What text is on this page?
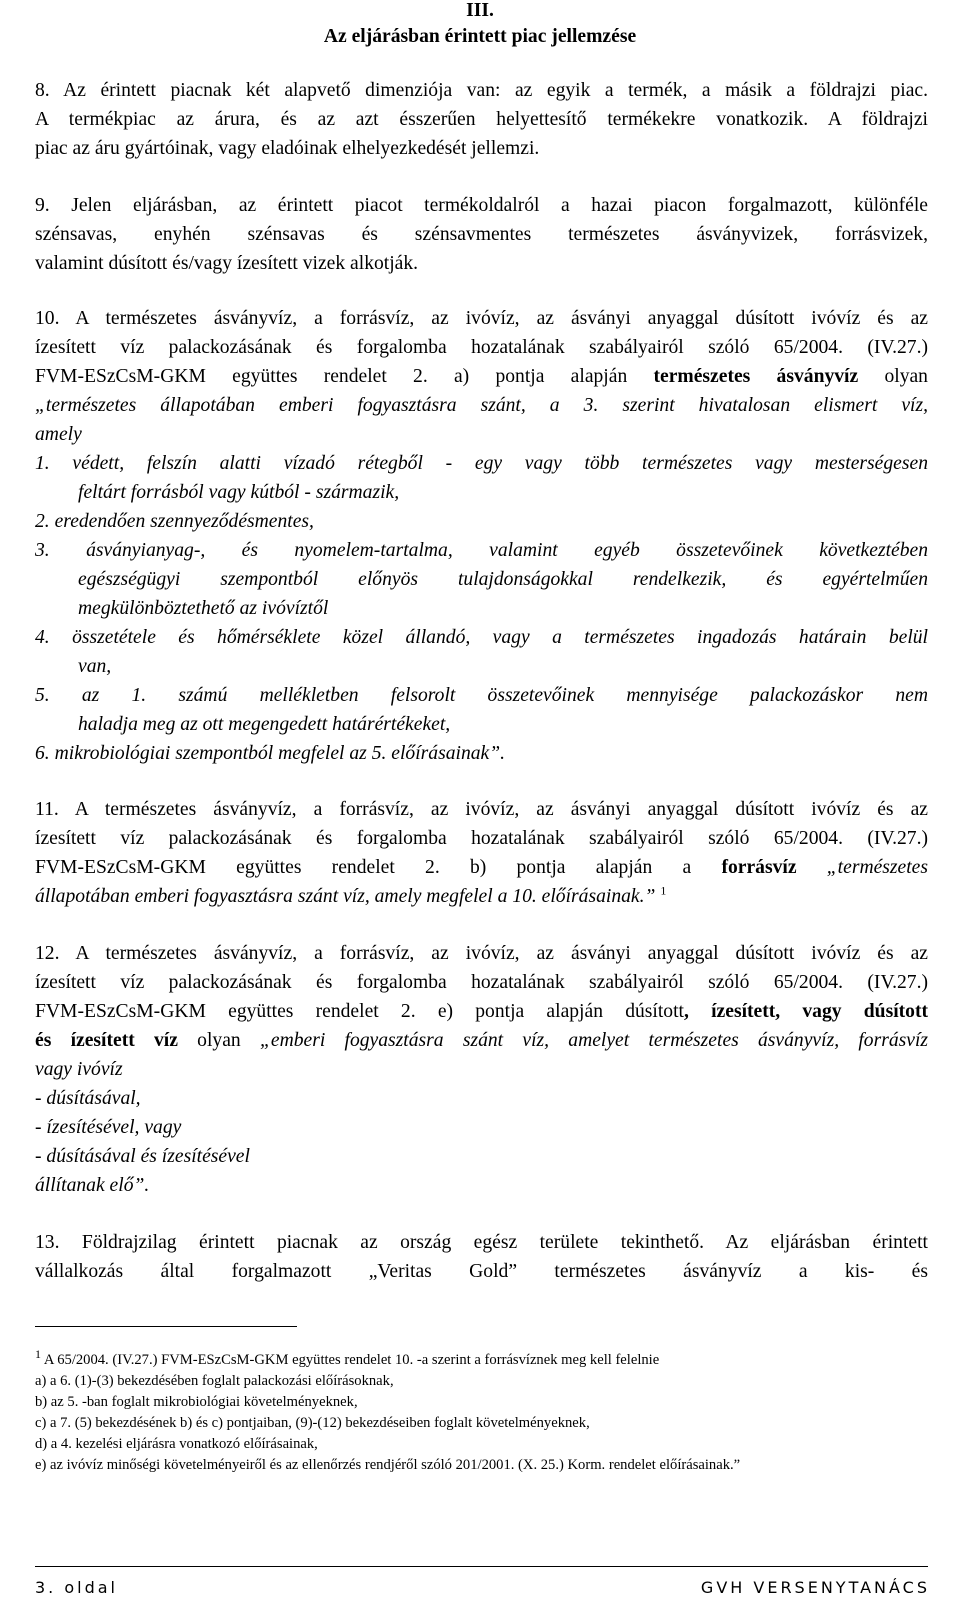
III.
Az eljárásban érintett piac jellemzése
8. Az érintett piacnak két alapvető dimenziója van: az egyik a termék, a másik a földrajzi piac.
A termékpiac az árura, és az azt ésszerűen helyettesítő termékekre vonatkozik. A földrajzi
piac az áru gyártóinak, vagy eladóinak elhelyezkedését jellemzi.
9. Jelen eljárásban, az érintett piacot termékoldalról a hazai piacon forgalmazott, különféle
szénsavas, enyhén szénsavas és szénsavmentes természetes ásványvizek, forrásvizek,
valamint dúsított és/vagy ízesített vizek alkotják.
10. A természetes ásványvíz, a forrásvíz, az ivóvíz, az ásványi anyaggal dúsított ivóvíz és az
ízesített víz palackozásának és forgalomba hozatalának szabályairól szóló 65/2004. (IV.27.)
FVM-ESzCsM-GKM együttes rendelet 2. a) pontja alapján természetes ásványvíz olyan
„természetes állapotában emberi fogyasztásra szánt, a 3. szerint hivatalosan elismert víz,
amely
1. védett, felszín alatti vízadó rétegből - egy vagy több természetes vagy mesterségesen
feltárt forrásból vagy kútból - származik,
2. eredendően szennyeződésmentes,
3. ásványianyag-, és nyomelem-tartalma, valamint egyéb összetevőinek következtében
egészségügyi szempontból előnyös tulajdonságokkal rendelkezik, és egyértelműen
megkülönböztethető az ivóvíztől
4. összetétele és hőmérséklete közel állandó, vagy a természetes ingadozás határain belül
van,
5. az 1. számú mellékletben felsorolt összetevőinek mennyisége palackozáskor nem
haladja meg az ott megengedett határértékeket,
6. mikrobiológiai szempontból megfelel az 5. előírásainak”.
11. A természetes ásványvíz, a forrásvíz, az ivóvíz, az ásványi anyaggal dúsított ivóvíz és az
ízesített víz palackozásának és forgalomba hozatalának szabályairól szóló 65/2004. (IV.27.)
FVM-ESzCsM-GKM együttes rendelet 2. b) pontja alapján a forrásvíz „természetes
állapotában emberi fogyasztásra szánt víz, amely megfelel a 10. előírásainak.” $^1$
12. A természetes ásványvíz, a forrásvíz, az ivóvíz, az ásványi anyaggal dúsított ivóvíz és az
ízesített víz palackozásának és forgalomba hozatalának szabályairól szóló 65/2004. (IV.27.)
FVM-ESzCsM-GKM együttes rendelet 2. e) pontja alapján dúsított, ízesített, vagy dúsított
és ízesített víz olyan „emberi fogyasztásra szánt víz, amelyet természetes ásványvíz, forrásvíz
vagy ivóvíz
- dúsításával,
- ízesítésével, vagy
- dúsításával és ízesítésével
állítanak elő”.
13. Földrajzilag érintett piacnak az ország egész területe tekinthető. Az eljárásban érintett
vállalkozás által forgalmazott „Veritas Gold” természetes ásványvíz a kis- és
$^1$ A 65/2004. (IV.27.) FVM-ESzCsM-GKM együttes rendelet 10. -a szerint a forrásvíznek meg kell felelnie
a) a 6. (1)-(3) bekezdésében foglalt palackozási előírásoknak,
b) az 5. -ban foglalt mikrobiológiai követelményeknek,
c) a 7. (5) bekezdésének b) és c) pontjaiban, (9)-(12) bekezdéseiben foglalt követelményeknek,
d) a 4. kezelési eljárásra vonatkozó előírásainak,
e) az ivóvíz minőségi követelményeiről és az ellenőrzés rendjéről szóló 201/2001. (X. 25.) Korm. rendelet előírásainak.”
3. oldal	GVH VERSENYTANÁCS
